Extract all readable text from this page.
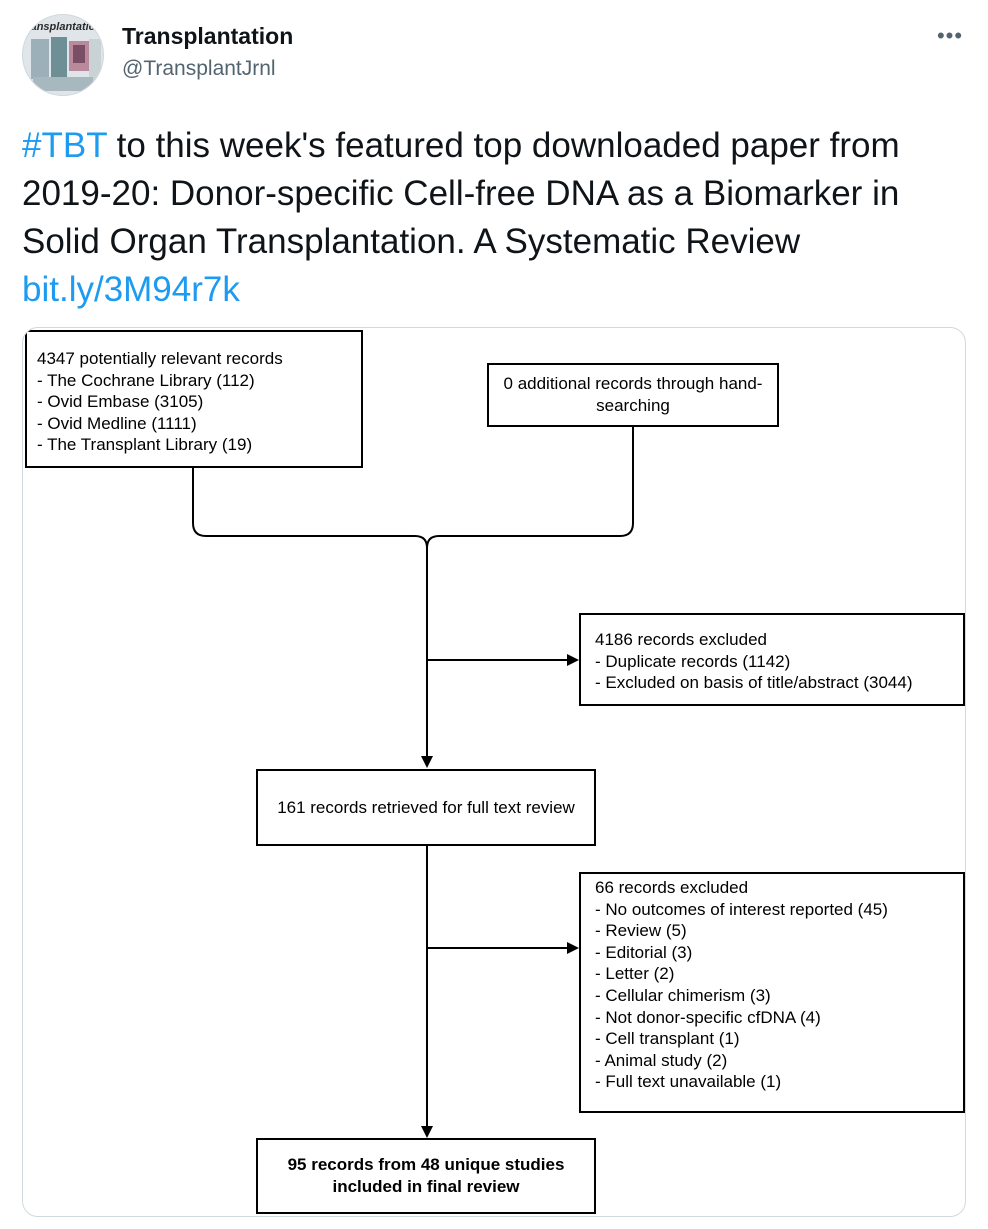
ansplantatio	Transplantation
@TransplantJrnl
•••
#TBT to this week's featured top downloaded paper from 2019-20: Donor-specific Cell-free DNA as a Biomarker in Solid Organ Transplantation. A Systematic Review bit.ly/3M94r7k
4347 potentially relevant records
- The Cochrane Library (112)
- Ovid Embase (3105)
- Ovid Medline (1111)
- The Transplant Library (19)
0 additional records through hand-
searching
4186 records excluded
- Duplicate records (1142)
- Excluded on basis of title/abstract (3044)
161 records retrieved for full text review
66 records excluded
- No outcomes of interest reported (45)
- Review (5)
- Editorial (3)
- Letter (2)
- Cellular chimerism (3)
- Not donor-specific cfDNA (4)
- Cell transplant (1)
- Animal study (2)
- Full text unavailable (1)
95 records from 48 unique studies
included in final review
